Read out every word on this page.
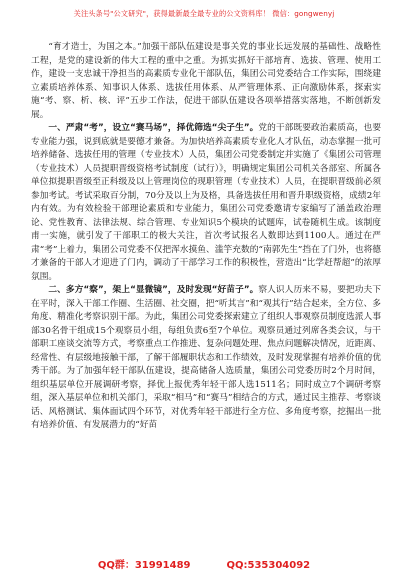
关注头条号"公文研究"，获得最新最全最专业的公文资料库！ 微信：gongwenyj

“育才造士，为国之本。”加强干部队伍建设是事关党的事业长远发展的基础性、战略性工程，是党的建设新的伟大工程的重中之重。为抓实抓好干部培育、选拔、管理、使用工作，建设一支忠诚干净担当的高素质专业化干部队伍，集团公司党委结合工作实际，围绕建立素质培养体系、知事识人体系、选拔任用体系、从严管理体系、正向激励体系，探索实施“考、察、析、核、评”五步工作法，促进干部队伍建设各项举措落实落地，不断创新发展。

一、严肃“考”，设立“赛马场”，择优筛选“尖子生”。党的干部既要政治素质高，也要专业能力强，说到底就是要德才兼备。为加快培养高素质专业化人才队伍，动态掌握一批可培养储备、选拔任用的管理（专业技术）人员，集团公司党委制定并实施了《集团公司管理（专业技术）人员提职晋级资格考试制度（试行）》，明确规定集团公司机关各部室、所属各单位拟提职晋级至正科级及以上管理岗位的现职管理（专业技术）人员，在提职晋级前必须参加考试。考试采取百分制，70分及以上为及格，具备选拔任用和晋升职级资格，成绩2年内有效。为有效检验干部理论素质和专业能力，集团公司党委邀请专家编写了涵盖政治理论、党性教育、法律法规、综合管理、专业知识5个模块的试题库，试卷随机生成。该制度甫一实施，就引发了干部职工的极大关注，首次考试报名人数即达到1100人。通过在严肃“考”上着力，集团公司党委不仅把浑水摸鱼、滥竽充数的“南郭先生”挡在了门外，也将德才兼备的干部人才迎进了门内，调动了干部学习工作的积极性，营造出“比学赶帮超”的浓厚氛围。

二、多方“察”，架上“显微镜”，及时发现“好苗子”。察人识人历来不易，要把功夫下在平时，深入干部工作圈、生活圈、社交圈，把“听其言”和“观其行”结合起来，全方位、多角度、精准化考察识别干部。为此，集团公司党委探索建立了组织人事观察员制度选派人事部30名骨干组成15个观察员小组，每组负责6至7个单位。观察员通过列席各类会议，与干部职工座谈交流等方式，考察重点工作推进、复杂问题处理、焦点问题解决情况，近距离、经常性、有层级地接触干部，了解干部履职状态和工作绩效，及时发现掌握有培养价值的优秀干部。为了加强年轻干部队伍建设，提高储备人选质量，集团公司党委历时2个月时间，组织基层单位开展调研考察，择优上报优秀年轻干部人选1511名；同时成立7个调研考察组，深入基层单位和机关部门，采取“相马”和“赛马”相结合的方式，通过民主推荐、考察谈话、风格测试、集体面试四个环节，对优秀年轻干部进行全方位、多角度考察，挖掘出一批有培养价值、有发展潜力的“好苗

QQ群：31991489	QQ:535304092
